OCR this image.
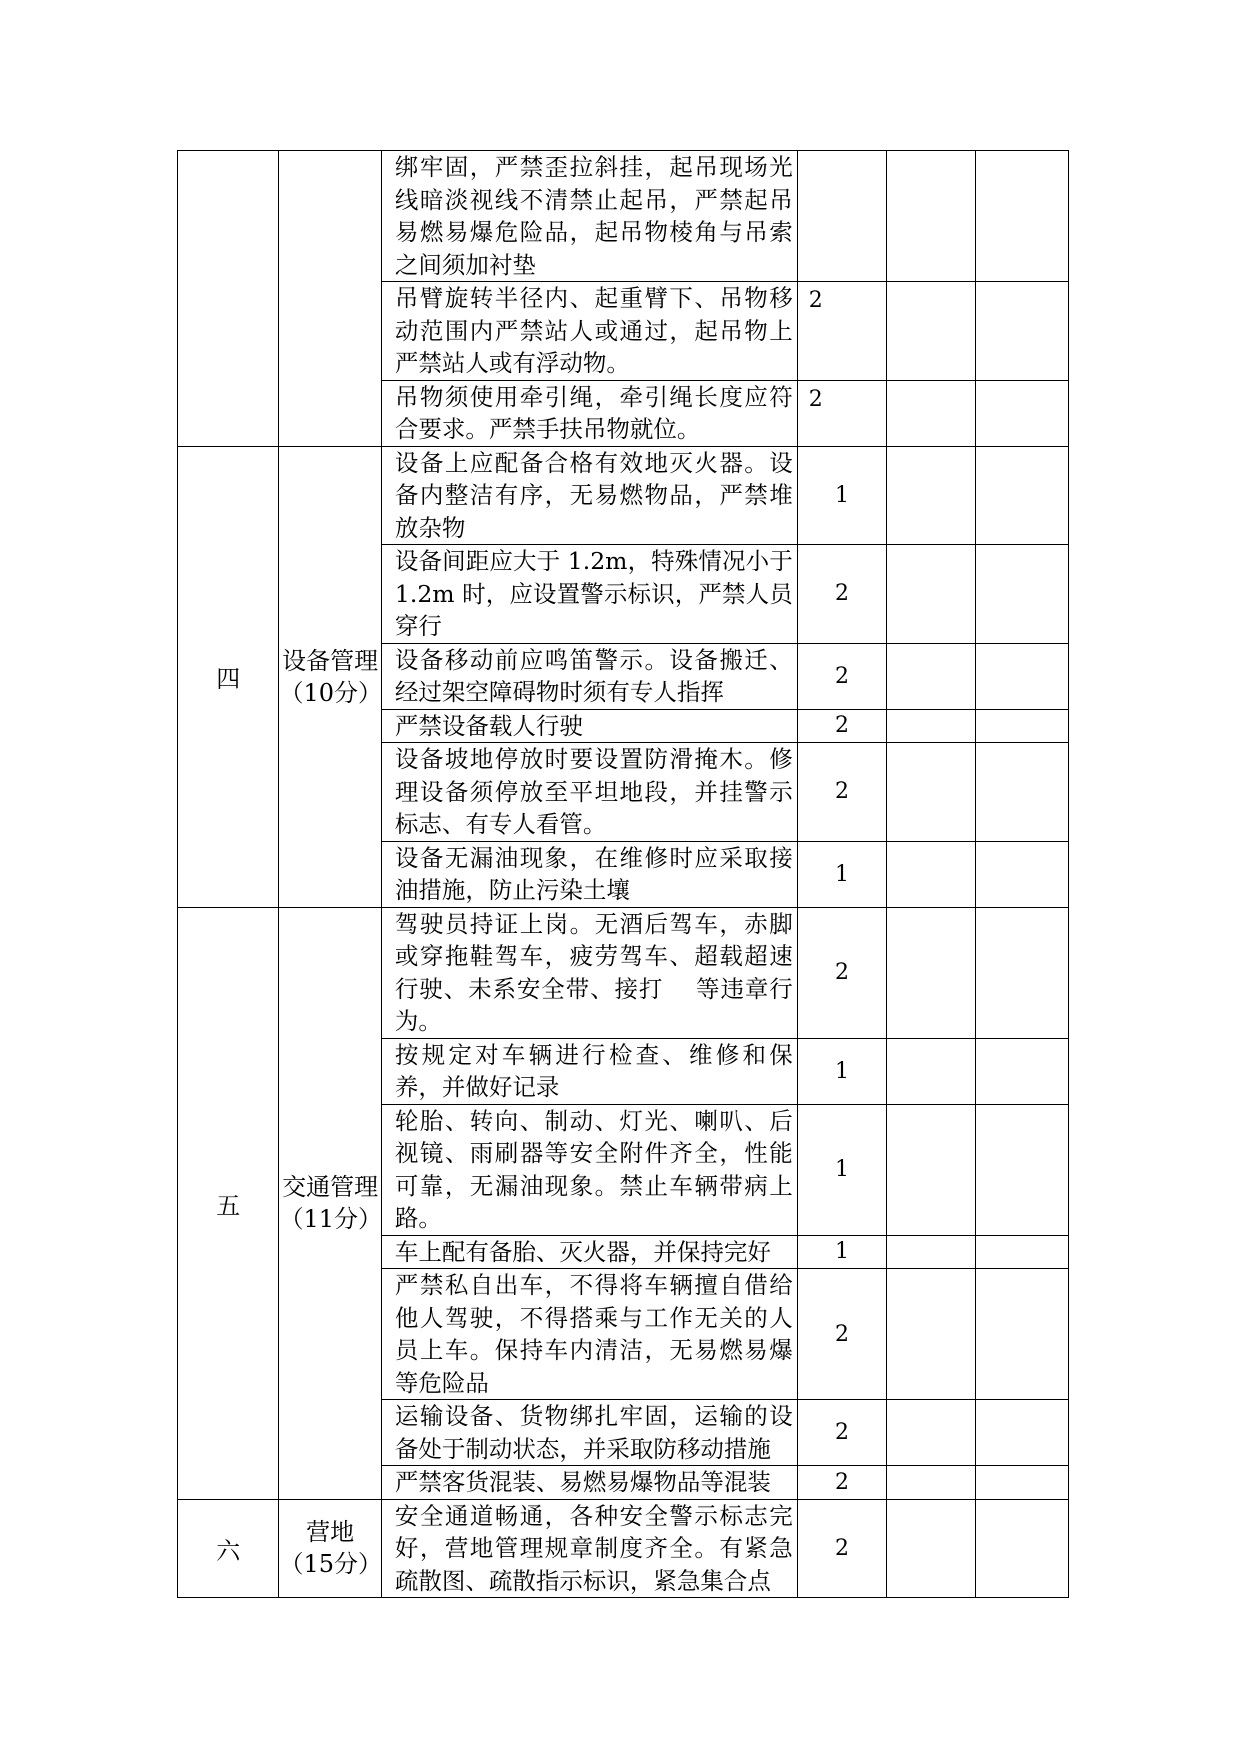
		绑牢固，严禁歪拉斜挂，起吊现场光线暗淡视线不清禁止起吊，严禁起吊易燃易爆危险品，起吊物棱角与吊索之间须加衬垫			
		吊臂旋转半径内、起重臂下、吊物移动范围内严禁站人或通过，起吊物上严禁站人或有浮动物。	2		
		吊物须使用牵引绳，牵引绳长度应符合要求。严禁手扶吊物就位。	2		
四	设备管理（10分）	设备上应配备合格有效地灭火器。设备内整洁有序，无易燃物品，严禁堆放杂物	1		
		设备间距应大于 1.2m，特殊情况小于 1.2m 时，应设置警示标识，严禁人员穿行	2		
		设备移动前应鸣笛警示。设备搬迁、经过架空障碍物时须有专人指挥	2		
		严禁设备载人行驶	2		
		设备坡地停放时要设置防滑掩木。修理设备须停放至平坦地段，并挂警示标志、有专人看管。	2		
		设备无漏油现象，在维修时应采取接油措施，防止污染土壤	1		
五	交通管理（11分）	驾驶员持证上岗。无酒后驾车，赤脚或穿拖鞋驾车，疲劳驾车、超载超速行驶、未系安全带、接打　 等违章行为。	2		
		按规定对车辆进行检查、维修和保养，并做好记录	1		
		轮胎、转向、制动、灯光、喇叭、后视镜、雨刷器等安全附件齐全，性能可靠，无漏油现象。禁止车辆带病上路。	1		
		车上配有备胎、灭火器，并保持完好	1		
		严禁私自出车，不得将车辆擅自借给他人驾驶，不得搭乘与工作无关的人员上车。保持车内清洁，无易燃易爆等危险品	2		
		运输设备、货物绑扎牢固，运输的设备处于制动状态，并采取防移动措施	2		
		严禁客货混装、易燃易爆物品等混装	2		
六	营地（15分）	安全通道畅通，各种安全警示标志完好，营地管理规章制度齐全。有紧急疏散图、疏散指示标识，紧急集合点	2		
